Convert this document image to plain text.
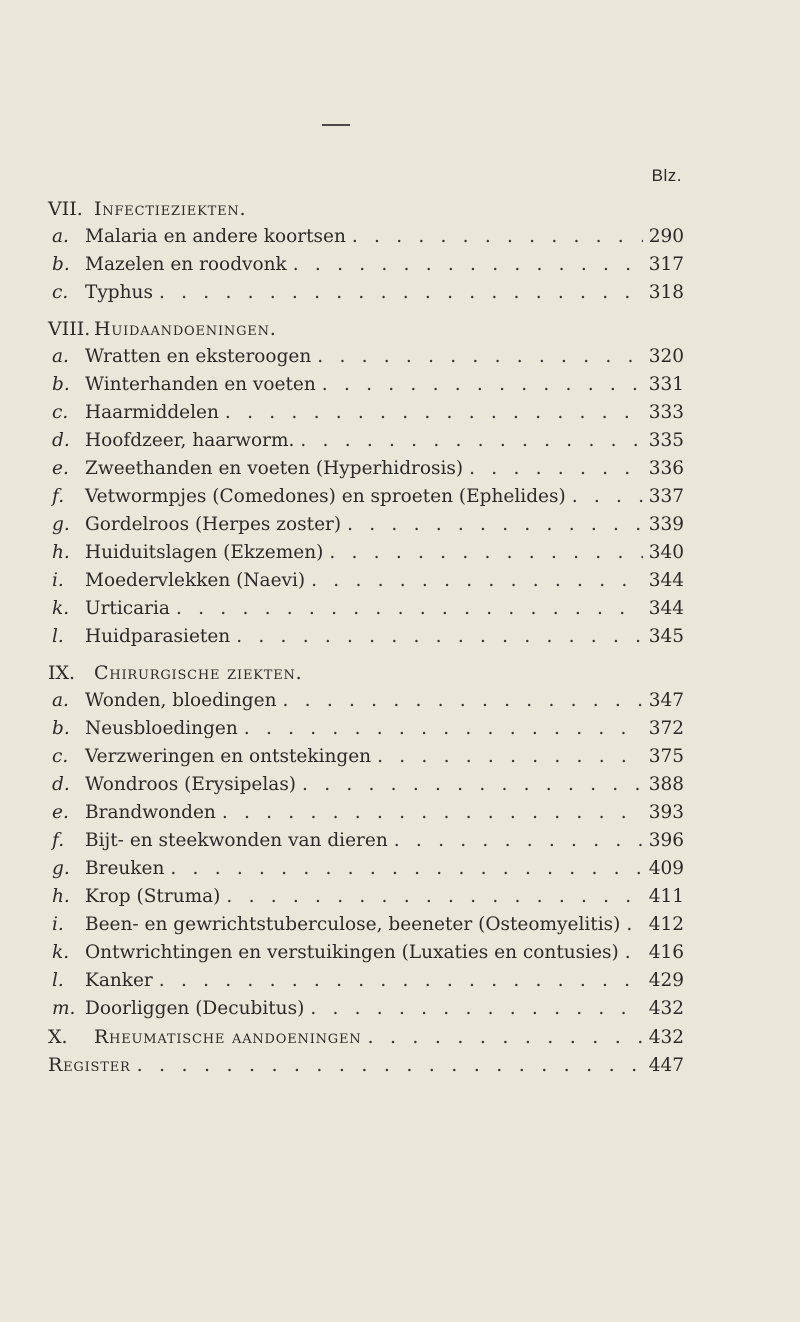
Blz.
VII. Infectieziekten.
a. Malaria en andere koortsen . . .	290
b. Mazelen en roodvonk . . .	317
c. Typhus . . .	318
VIII. Huidaandoeningen.
a. Wratten en eksteroogen . . .	320
b. Winterhanden en voeten . . .	331
c. Haarmiddelen . . .	333
d. Hoofdzeer, haarworm. . . .	335
e. Zweethanden en voeten (Hyperhidrosis) . . .	336
f.	Vetwormpjes (Comedones) en sproeten (Ephelides) . . .	337
g. Gordelroos (Herpes zoster) . . .	339
h. Huiduitslagen (Ekzemen) . . .	340
i.	Moedervlekken (Naevi) . . .	344
k. Urticaria . . .	344
l.	Huidparasieten . . .	345
IX. Chirurgische ziekten.
a. Wonden, bloedingen . . .	347
b. Neusbloedingen . . .	372
c. Verzweringen en ontstekingen . . .	375
d. Wondroos (Erysipelas) . . .	388
e. Brandwonden . . .	393
f.	Bijt- en steekwonden van dieren . . .	396
g. Breuken . . .	409
h. Krop (Struma) . . .	411
i.	Been- en gewrichtstuberculose, beeneter (Osteomyelitis) . . . 412
k. Ontwrichtingen en verstuikingen (Luxaties en contusies) . . . 416
l.	Kanker . . .	429
m. Doorliggen (Decubitus) . . .	432
X.	Rheumatische aandoeningen . . .	432
Register . . .	447
